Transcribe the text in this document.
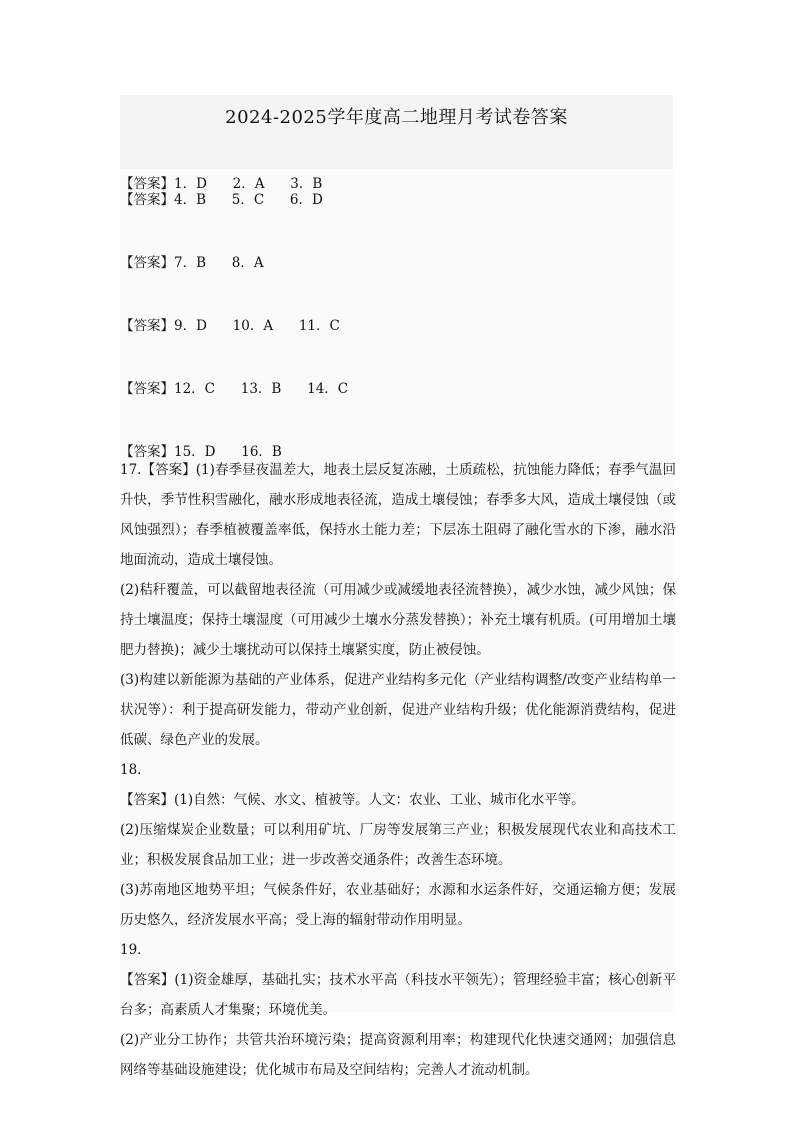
2024-2025学年度高二地理月考试卷答案
【答案】1．D      2．A      3．B
【答案】4．B      5．C      6．D
【答案】7．B      8．A
【答案】9．D      10．A      11．C
【答案】12．C      13．B      14．C
【答案】15．D      16．B
17.【答案】(1)春季昼夜温差大，地表土层反复冻融，土质疏松，抗蚀能力降低；春季气温回升快，季节性积雪融化，融水形成地表径流，造成土壤侵蚀；春季多大风，造成土壤侵蚀（或风蚀强烈）；春季植被覆盖率低，保持水土能力差；下层冻土阻碍了融化雪水的下渗，融水沿地面流动，造成土壤侵蚀。
(2)秸秆覆盖，可以截留地表径流（可用减少或减缓地表径流替换），减少水蚀，减少风蚀；保持土壤温度；保持土壤湿度（可用减少土壤水分蒸发替换）；补充土壤有机质。(可用增加土壤肥力替换)；减少土壤扰动可以保持土壤紧实度，防止被侵蚀。
(3)构建以新能源为基础的产业体系，促进产业结构多元化（产业结构调整/改变产业结构单一状况等）：利于提高研发能力，带动产业创新，促进产业结构升级；优化能源消费结构，促进低碳、绿色产业的发展。
18．
【答案】(1)自然：气候、水文、植被等。人文：农业、工业、城市化水平等。
(2)压缩煤炭企业数量；可以利用矿坑、厂房等发展第三产业；积极发展现代农业和高技术工业；积极发展食品加工业；进一步改善交通条件；改善生态环境。
(3)苏南地区地势平坦；气候条件好，农业基础好；水源和水运条件好，交通运输方便；发展历史悠久，经济发展水平高；受上海的辐射带动作用明显。
19．
【答案】(1)资金雄厚，基础扎实；技术水平高（科技水平领先）；管理经验丰富；核心创新平台多；高素质人才集聚；环境优美。
(2)产业分工协作；共管共治环境污染；提高资源利用率；构建现代化快速交通网；加强信息网络等基础设施建设；优化城市布局及空间结构；完善人才流动机制。
